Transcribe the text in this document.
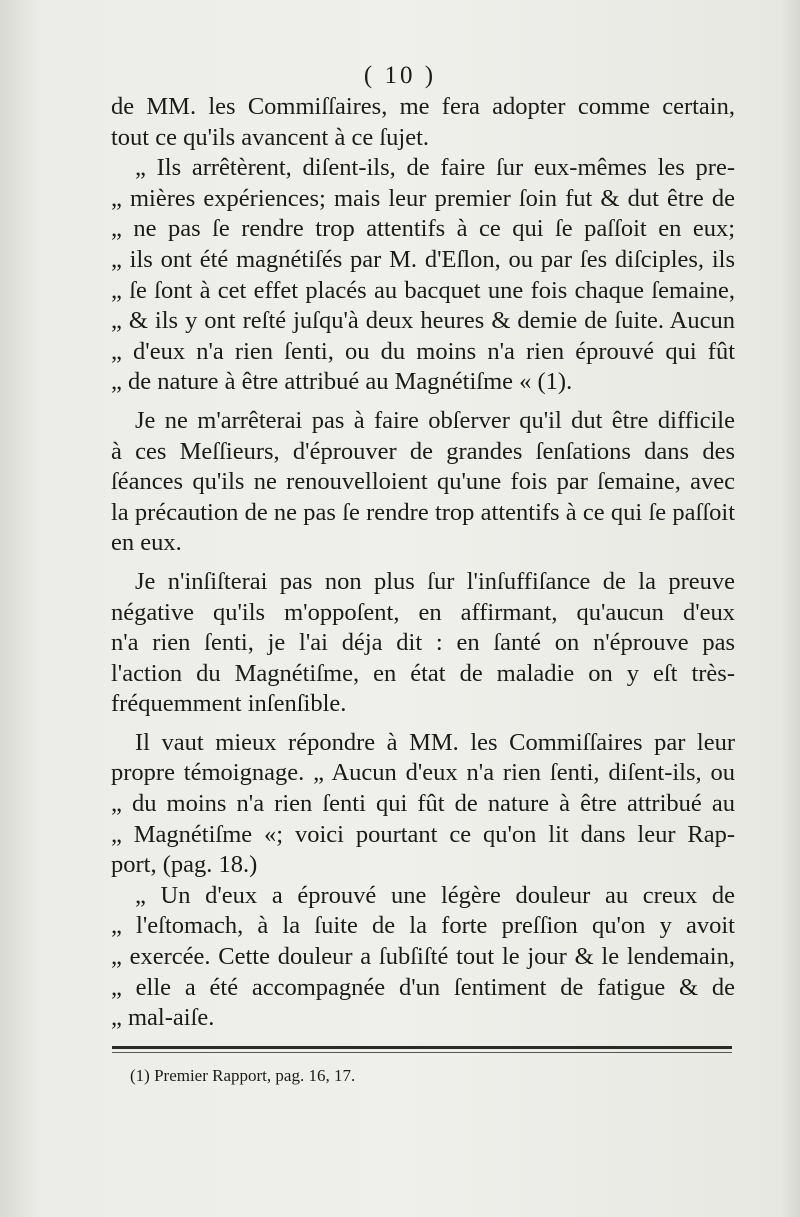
( 10 )
de MM. les Commiſſaires, me fera adopter comme certain,
tout ce qu'ils avancent à ce ſujet.
„ Ils arrêtèrent, diſent-ils, de faire ſur eux-mêmes les pre-
„ mières expériences; mais leur premier ſoin fut & dut être de
„ ne pas ſe rendre trop attentifs à ce qui ſe paſſoit en eux;
„ ils ont été magnétiſés par M. d'Eſlon, ou par ſes diſciples, ils
„ ſe ſont à cet effet placés au bacquet une fois chaque ſemaine,
„ & ils y ont reſté juſqu'à deux heures & demie de ſuite. Aucun
„ d'eux n'a rien ſenti, ou du moins n'a rien éprouvé qui fût
„ de nature à être attribué au Magnétiſme « (1).
Je ne m'arrêterai pas à faire obſerver qu'il dut être difficile
à ces Meſſieurs, d'éprouver de grandes ſenſations dans des
ſéances qu'ils ne renouvelloient qu'une fois par ſemaine, avec
la précaution de ne pas ſe rendre trop attentifs à ce qui ſe paſſoit
en eux.
Je n'inſiſterai pas non plus ſur l'inſuffiſance de la preuve
négative qu'ils m'oppoſent, en affirmant, qu'aucun d'eux
n'a rien ſenti, je l'ai déja dit : en ſanté on n'éprouve pas
l'action du Magnétiſme, en état de maladie on y eſt très-
fréquemment inſenſible.
Il vaut mieux répondre à MM. les Commiſſaires par leur
propre témoignage. „ Aucun d'eux n'a rien ſenti, diſent-ils, ou
„ du moins n'a rien ſenti qui fût de nature à être attribué au
„ Magnétiſme «; voici pourtant ce qu'on lit dans leur Rap-
port, (pag. 18.)
„ Un d'eux a éprouvé une légère douleur au creux de
„ l'eſtomach, à la ſuite de la forte preſſion qu'on y avoit
„ exercée. Cette douleur a ſubſiſté tout le jour & le lendemain,
„ elle a été accompagnée d'un ſentiment de fatigue & de
„ mal-aiſe.
(1) Premier Rapport, pag. 16, 17.
